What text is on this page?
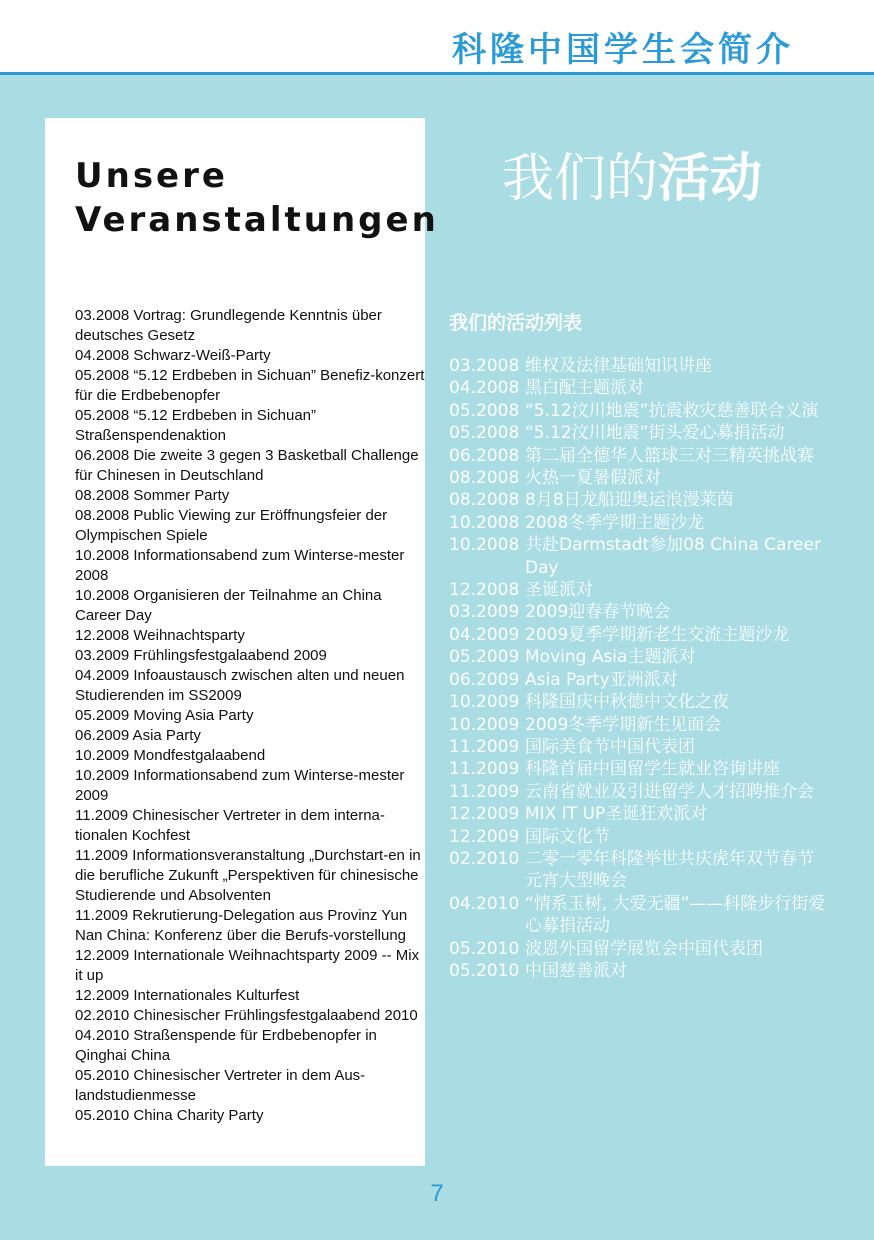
科隆中国学生会简介
Unsere
Veranstaltungen
03.2008 Vortrag: Grundlegende Kenntnis über deutsches Gesetz
04.2008 Schwarz-Weiß-Party
05.2008 “5.12 Erdbeben in Sichuan” Benefiz-konzert für die Erdbebenopfer
05.2008 “5.12 Erdbeben in Sichuan” Straßenspendenaktion
06.2008 Die zweite 3 gegen 3 Basketball Challenge für Chinesen in Deutschland
08.2008 Sommer Party
08.2008 Public Viewing zur Eröffnungsfeier der Olympischen Spiele
10.2008 Informationsabend zum Winterse-mester 2008
10.2008 Organisieren der Teilnahme an China Career Day
12.2008 Weihnachtsparty
03.2009 Frühlingsfestgalaabend 2009
04.2009 Infoaustausch zwischen alten und neuen Studierenden im SS2009
05.2009 Moving Asia Party
06.2009 Asia Party
10.2009 Mondfestgalaabend
10.2009 Informationsabend zum Winterse-mester 2009
11.2009 Chinesischer Vertreter in dem interna-tionalen Kochfest
11.2009 Informationsveranstaltung „Durchstart-en in die berufliche Zukunft „Perspektiven für chinesische Studierende und Absolventen
11.2009 Rekrutierung-Delegation aus Provinz Yun Nan China: Konferenz über die Berufs-vorstellung
12.2009 Internationale Weihnachtsparty 2009 -- Mix it up
12.2009 Internationales Kulturfest
02.2010 Chinesischer Frühlingsfestgalaabend 2010
04.2010 Straßenspende für Erdbebenopfer in Qinghai China
05.2010 Chinesischer Vertreter in dem Aus-landstudienmesse
05.2010 China Charity Party
我们的活动
我们的活动列表
03.2008 维权及法律基础知识讲座
04.2008 黑白配主题派对
05.2008 “5.12汶川地震”抗震救灾慈善联合义演
05.2008 “5.12汶川地震”街头爱心募捐活动
06.2008 第二届全德华人篮球三对三精英挑战赛
08.2008 火热一夏暑假派对
08.2008 8月8日龙船迎奥运浪漫莱茵
10.2008 2008冬季学期主题沙龙
10.2008 共赴Darmstadt参加08 China Career Day
12.2008 圣诞派对
03.2009 2009迎春春节晚会
04.2009 2009夏季学期新老生交流主题沙龙
05.2009 Moving Asia主题派对
06.2009 Asia Party亚洲派对
10.2009 科隆国庆中秋德中文化之夜
10.2009 2009冬季学期新生见面会
11.2009 国际美食节中国代表团
11.2009 科隆首届中国留学生就业咨询讲座
11.2009 云南省就业及引进留学人才招聘推介会
12.2009 MIX IT UP圣诞狂欢派对
12.2009 国际文化节
02.2010 二零一零年科隆举世共庆虎年双节春节元宵大型晚会
04.2010 “情系玉树, 大爱无疆”——科隆步行街爱心募捐活动
05.2010 波恩外国留学展览会中国代表团
05.2010 中国慈善派对
7
